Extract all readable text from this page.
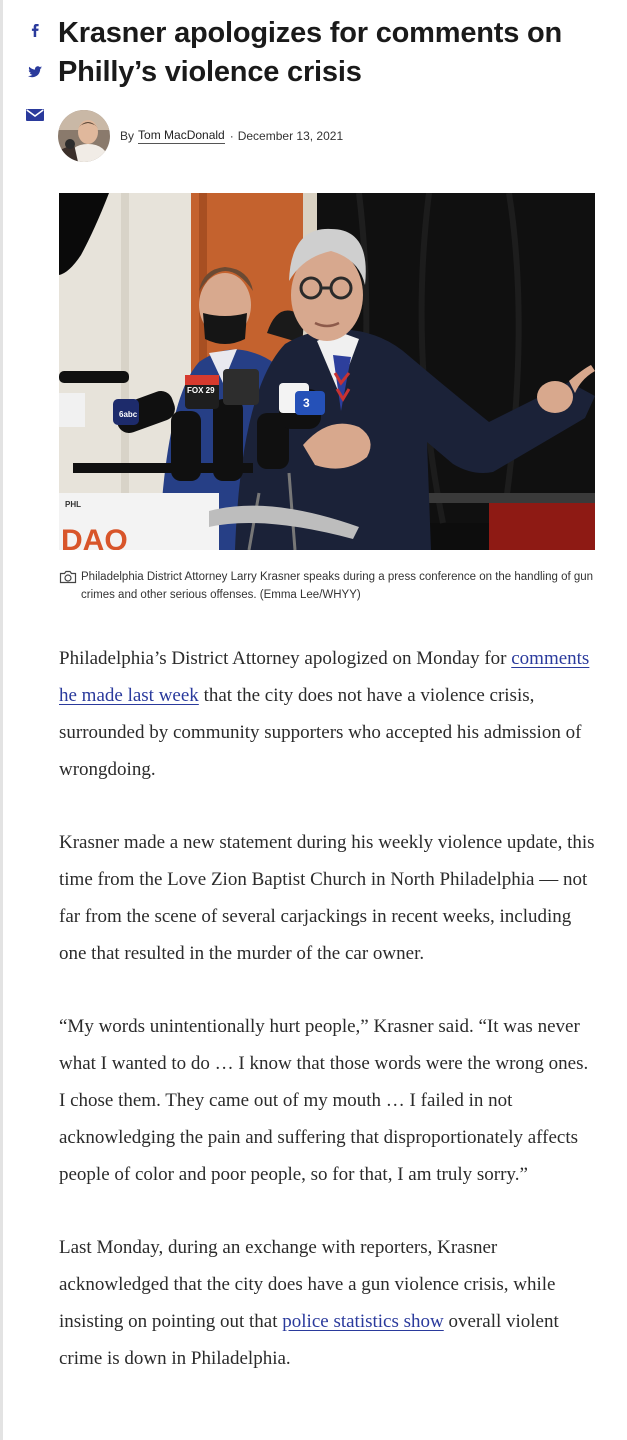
Krasner apologizes for comments on Philly’s violence crisis
By Tom MacDonald · December 13, 2021
PHL
DAO
FOX 29
6abc
3
Philadelphia District Attorney Larry Krasner speaks during a press conference on the handling of gun crimes and other serious offenses. (Emma Lee/WHYY)

Philadelphia’s District Attorney apologized on Monday for comments he made last week that the city does not have a violence crisis, surrounded by community supporters who accepted his admission of wrongdoing.

Krasner made a new statement during his weekly violence update, this time from the Love Zion Baptist Church in North Philadelphia — not far from the scene of several carjackings in recent weeks, including one that resulted in the murder of the car owner.

“My words unintentionally hurt people,” Krasner said. “It was never what I wanted to do … I know that those words were the wrong ones. I chose them. They came out of my mouth … I failed in not acknowledging the pain and suffering that disproportionately affects people of color and poor people, so for that, I am truly sorry.”

Last Monday, during an exchange with reporters, Krasner acknowledged that the city does have a gun violence crisis, while insisting on pointing out that police statistics show overall violent crime is down in Philadelphia.
